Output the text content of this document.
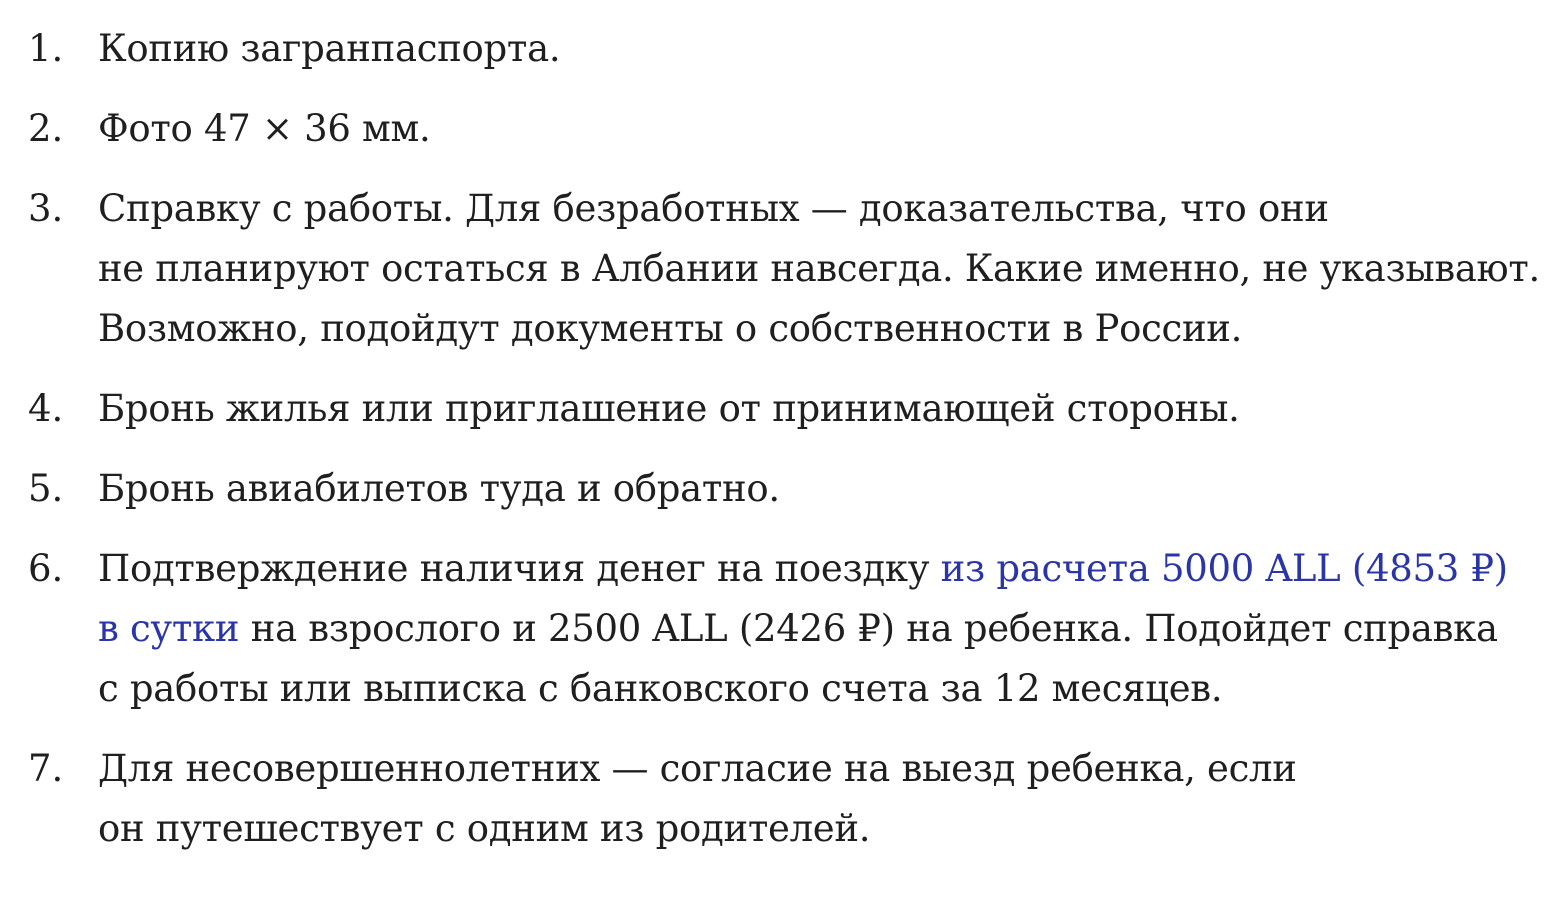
1. Копию загранпаспорта.
2. Фото 47 × 36 мм.
3. Справку с работы. Для безработных — доказательства, что они
не планируют остаться в Албании навсегда. Какие именно, не указывают.
Возможно, подойдут документы о собственности в России.
4. Бронь жилья или приглашение от принимающей стороны.
5. Бронь авиабилетов туда и обратно.
6. Подтверждение наличия денег на поездку из расчета 5000 ALL (4853 ₽)
в сутки на взрослого и 2500 ALL (2426 ₽) на ребенка. Подойдет справка
с работы или выписка с банковского счета за 12 месяцев.
7. Для несовершеннолетних — согласие на выезд ребенка, если
он путешествует с одним из родителей.
